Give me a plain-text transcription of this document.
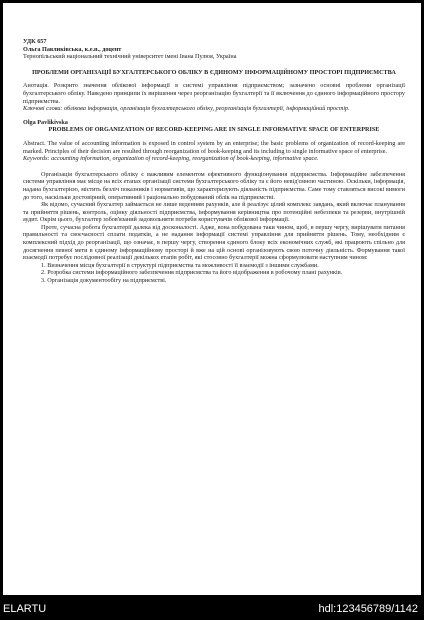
УДК 657

Ольга Павликівська, к.е.н., доцент

Тернопільський національний технічний університет імені Івана Пулюя, Україна

ПРОБЛЕМИ ОРГАНІЗАЦІЇ БУХГАЛТЕРСЬКОГО ОБЛІКУ В ЄДИНОМУ ІНФОРМАЦІЙНОМУ ПРОСТОРІ ПІДПРИЄМСТВА

Анотація. Розкрито значення облікової інформації в системі управління підприємством; зазначено основні проблеми організації бухгалтерського обліку. Наведено принципи їх вирішення через реорганізацію бухгалтерії та її включення до єдиного інформаційного простору підприємства.

Ключові слова: облікова інформація, організація бухгалтерського обліку, реорганізація бухгалтерії, інформаційний простір.

Olga Pavlikivska

PROBLEMS OF ORGANIZATION OF RECORD-KEEPING ARE IN SINGLE INFORMATIVE SPACE OF ENTERPRISE

Abstract. The value of accounting information is exposed in control system by an enterprise; the basic problems of organization of record-keeping are marked. Principles of their decision are resulted through reorganization of book-keeping and its including to single informative space of enterprise.

Keywords: accounting information, organization of record-keeping, reorganization of book-keeping, informative space.

Організація бухгалтерського обліку є важливим елементом ефективного функціонування підприємства. Інформаційне забезпечення системи управління має місце на всіх етапах організації системи бухгалтерського обліку та є його невід'ємною частиною. Оскільки, інформація, надана бухгалтерією, містить безліч показників і нормативів, що характеризують діяльність підприємства. Саме тому ставляться високі вимоги до того, наскільки достовірний, оперативний і раціонально побудований облік на підприємстві.

Як відомо, сучасний бухгалтер займається не лише веденням рахунків, але й реалізує цілий комплекс завдань, який включає планування та прийняття рішень, контроль, оцінку діяльності підприємства, інформування керівництва про потенційні небезпеки та резерви, внутрішній аудит. Окрім цього, бухгалтер зобов'язаний задовольняти потреби користувачів облікової інформації.

Проте, сучасна робота бухгалтерії далека від досконалості. Адже, вона побудована таки чином, щоб, в першу чергу, вирішувати питання правильності та своєчасності сплати податків, а не надання інформації системі управління для прийняття рішень. Тому, необхідним є комплексний підхід до реорганізації, що означає, в першу чергу, створення єдиного блоку всіх економічних служб, які працюють спільно для досягнення певної мети в єдиному інформаційному просторі й вже на цій основі організовують свою поточну діяльність. Формування такої взаємодії потребує послідовної реалізації декількох етапів робіт, які стосовно бухгалтерії можна сформулювати наступним чином:

1. Визначення місця бухгалтерії в структурі підприємства та можливості її взаємодії з іншими службами.

2. Розробка системи інформаційного забезпечення підприємства та його відображення в робочому плані рахунків.

3. Організація документообігу на підприємстві.

ELARTU	hdl:123456789/1142
